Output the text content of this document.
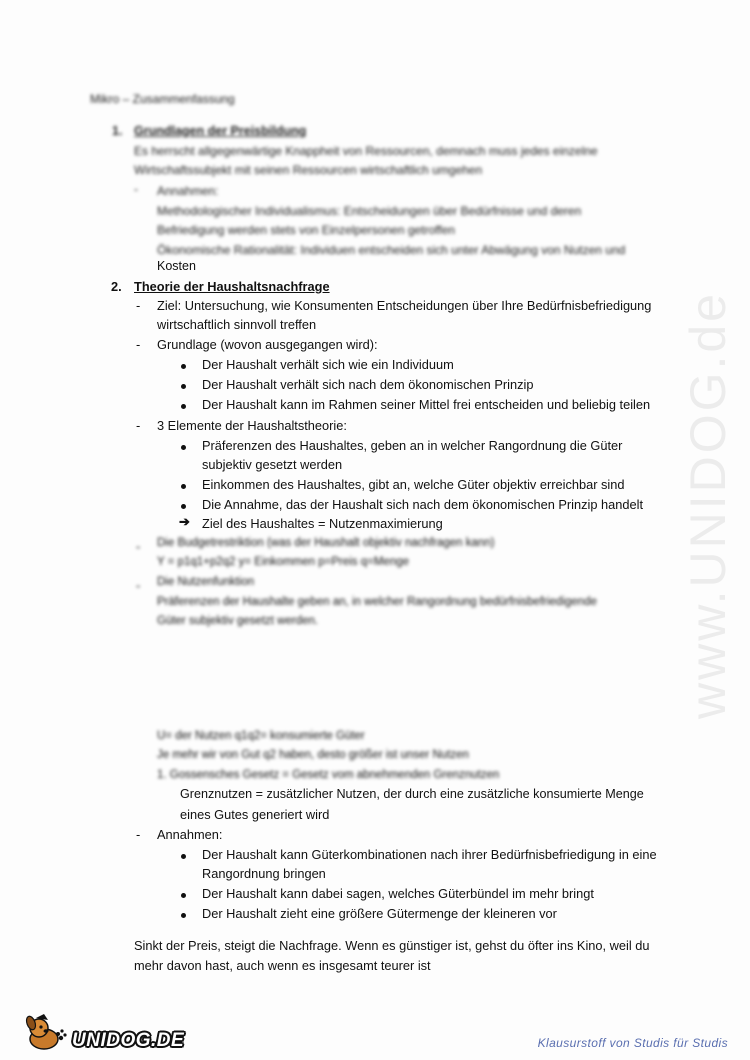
Mikro – Zusammenfassung
1. Grundlagen der Preisbildung
Es herrscht allgegenwärtige Knappheit von Ressourcen, demnach muss jedes einzelne Wirtschaftssubjekt mit seinen Ressourcen wirtschaftlich umgehen
- Annahmen:
Methodologischer Individualismus: Entscheidungen über Bedürfnisse und deren
Befriedigung werden stets von Einzelpersonen getroffen
Ökonomische Rationalität: Individuen entscheiden sich unter Abwägung von Nutzen und
Kosten
2. Theorie der Haushaltsnachfrage
- Ziel: Untersuchung, wie Konsumenten Entscheidungen über Ihre Bedürfnisbefriedigung
wirtschaftlich sinnvoll treffen
- Grundlage (wovon ausgegangen wird):
Der Haushalt verhält sich wie ein Individuum
Der Haushalt verhält sich nach dem ökonomischen Prinzip
Der Haushalt kann im Rahmen seiner Mittel frei entscheiden und beliebig teilen
- 3 Elemente der Haushaltstheorie:
Präferenzen des Haushaltes, geben an in welcher Rangordnung die Güter
subjektiv gesetzt werden
Einkommen des Haushaltes, gibt an, welche Güter objektiv erreichbar sind
Die Annahme, das der Haushalt sich nach dem ökonomischen Prinzip handelt
➔ Ziel des Haushaltes = Nutzenmaximierung
- Die Budgetrestriktion (was der Haushalt objektiv nachfragen kann)
Y = p1q1+p2q2 y= Einkommen p=Preis q=Menge
- Die Nutzenfunktion
Präferenzen der Haushalte geben an, in welcher Rangordnung bedürfnisbefriedigende
Güter subjektiv gesetzt werden.
U= der Nutzen q1q2= konsumierte Güter
Je mehr wir von Gut q2 haben, desto größer ist unser Nutzen
1. Gossensches Gesetz = Gesetz vom abnehmenden Grenznutzen
Grenznutzen = zusätzlicher Nutzen, der durch eine zusätzliche konsumierte Menge
eines Gutes generiert wird
- Annahmen:
Der Haushalt kann Güterkombinationen nach ihrer Bedürfnisbefriedigung in eine
Rangordnung bringen
Der Haushalt kann dabei sagen, welches Güterbündel im mehr bringt
Der Haushalt zieht eine größere Gütermenge der kleineren vor
Sinkt der Preis, steigt die Nachfrage. Wenn es günstiger ist, gehst du öfter ins Kino, weil du
mehr davon hast, auch wenn es insgesamt teurer ist
www.UNIDOG.de
UNIDOG.DE	Klausurstoff von Studis für Studis
